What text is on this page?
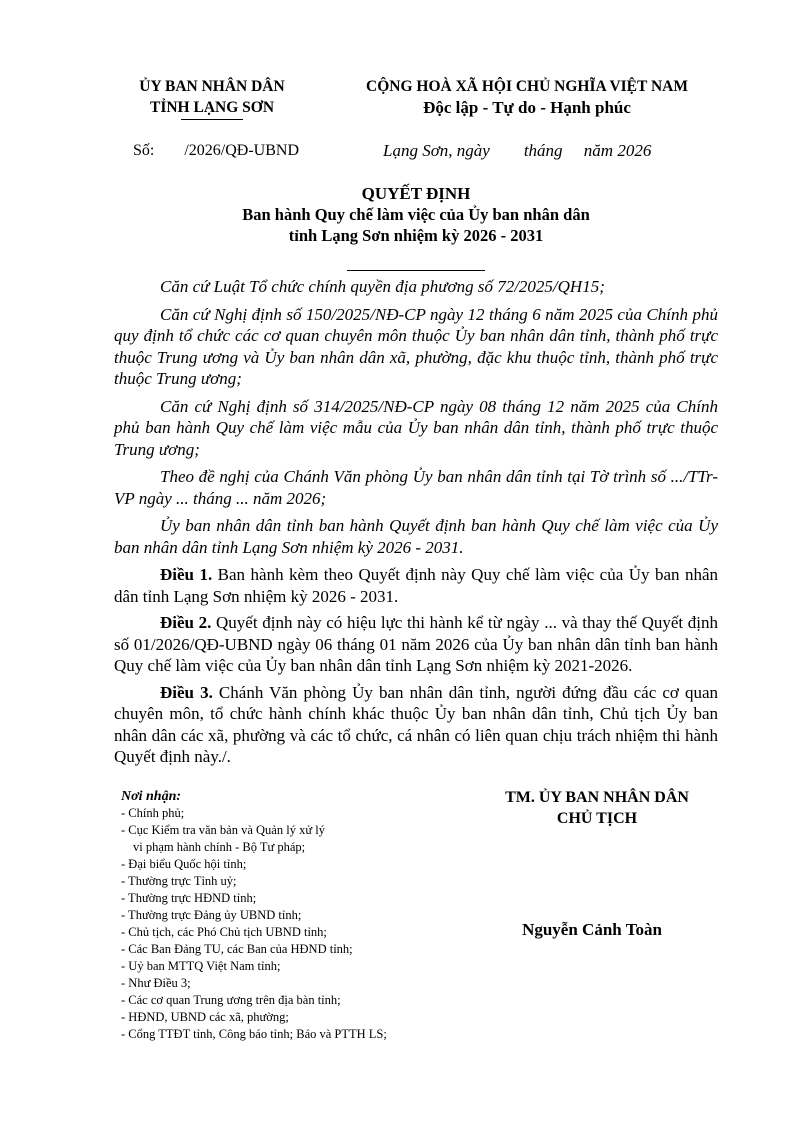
ỦY BAN NHÂN DÂN
TỈNH LẠNG SƠN
CỘNG HOÀ XÃ HỘI CHỦ NGHĨA VIỆT NAM
Độc lập - Tự do - Hạnh phúc
Số: /2026/QĐ-UBND	Lạng Sơn, ngày        tháng     năm 2026
QUYẾT ĐỊNH
Ban hành Quy chế làm việc của Ủy ban nhân dân
tỉnh Lạng Sơn nhiệm kỳ 2026 - 2031

Căn cứ Luật Tổ chức chính quyền địa phương số 72/2025/QH15;

Căn cứ Nghị định số 150/2025/NĐ-CP ngày 12 tháng 6 năm 2025 của Chính phủ quy định tổ chức các cơ quan chuyên môn thuộc Ủy ban nhân dân tỉnh, thành phố trực thuộc Trung ương và Ủy ban nhân dân xã, phường, đặc khu thuộc tỉnh, thành phố trực thuộc Trung ương;

Căn cứ Nghị định số 314/2025/NĐ-CP ngày 08 tháng 12 năm 2025 của Chính phủ ban hành Quy chế làm việc mẫu của Ủy ban nhân dân tỉnh, thành phố trực thuộc Trung ương;

Theo đề nghị của Chánh Văn phòng Ủy ban nhân dân tỉnh tại Tờ trình số .../TTr-VP ngày ... tháng ... năm 2026;

Ủy ban nhân dân tỉnh ban hành Quyết định ban hành Quy chế làm việc của Ủy ban nhân dân tỉnh Lạng Sơn nhiệm kỳ 2026 - 2031.

Điều 1. Ban hành kèm theo Quyết định này Quy chế làm việc của Ủy ban nhân dân tỉnh Lạng Sơn nhiệm kỳ 2026 - 2031.

Điều 2. Quyết định này có hiệu lực thi hành kể từ ngày ... và thay thế Quyết định số 01/2026/QĐ-UBND ngày 06 tháng 01 năm 2026 của Ủy ban nhân dân tỉnh ban hành Quy chế làm việc của Ủy ban nhân dân tỉnh Lạng Sơn nhiệm kỳ 2021-2026.

Điều 3. Chánh Văn phòng Ủy ban nhân dân tỉnh, người đứng đầu các cơ quan chuyên môn, tổ chức hành chính khác thuộc Ủy ban nhân dân tỉnh, Chủ tịch Ủy ban nhân dân các xã, phường và các tổ chức, cá nhân có liên quan chịu trách nhiệm thi hành Quyết định này./.

Nơi nhận:
- Chính phủ;
- Cục Kiểm tra văn bản và Quản lý xử lý
vi phạm hành chính - Bộ Tư pháp;
- Đại biểu Quốc hội tỉnh;
- Thường trực Tỉnh uỷ;
- Thường trực HĐND tỉnh;
- Thường trực Đảng ủy UBND tỉnh;
- Chủ tịch, các Phó Chủ tịch UBND tỉnh;
- Các Ban Đảng TU, các Ban của HĐND tỉnh;
- Uỷ ban MTTQ Việt Nam tỉnh;
- Như Điều 3;
- Các cơ quan Trung ương trên địa bàn tỉnh;
- HĐND, UBND các xã, phường;
- Cổng TTĐT tỉnh, Công báo tỉnh; Báo và PTTH LS;
TM. ỦY BAN NHÂN DÂN
CHỦ TỊCH
Nguyễn Cảnh Toàn
